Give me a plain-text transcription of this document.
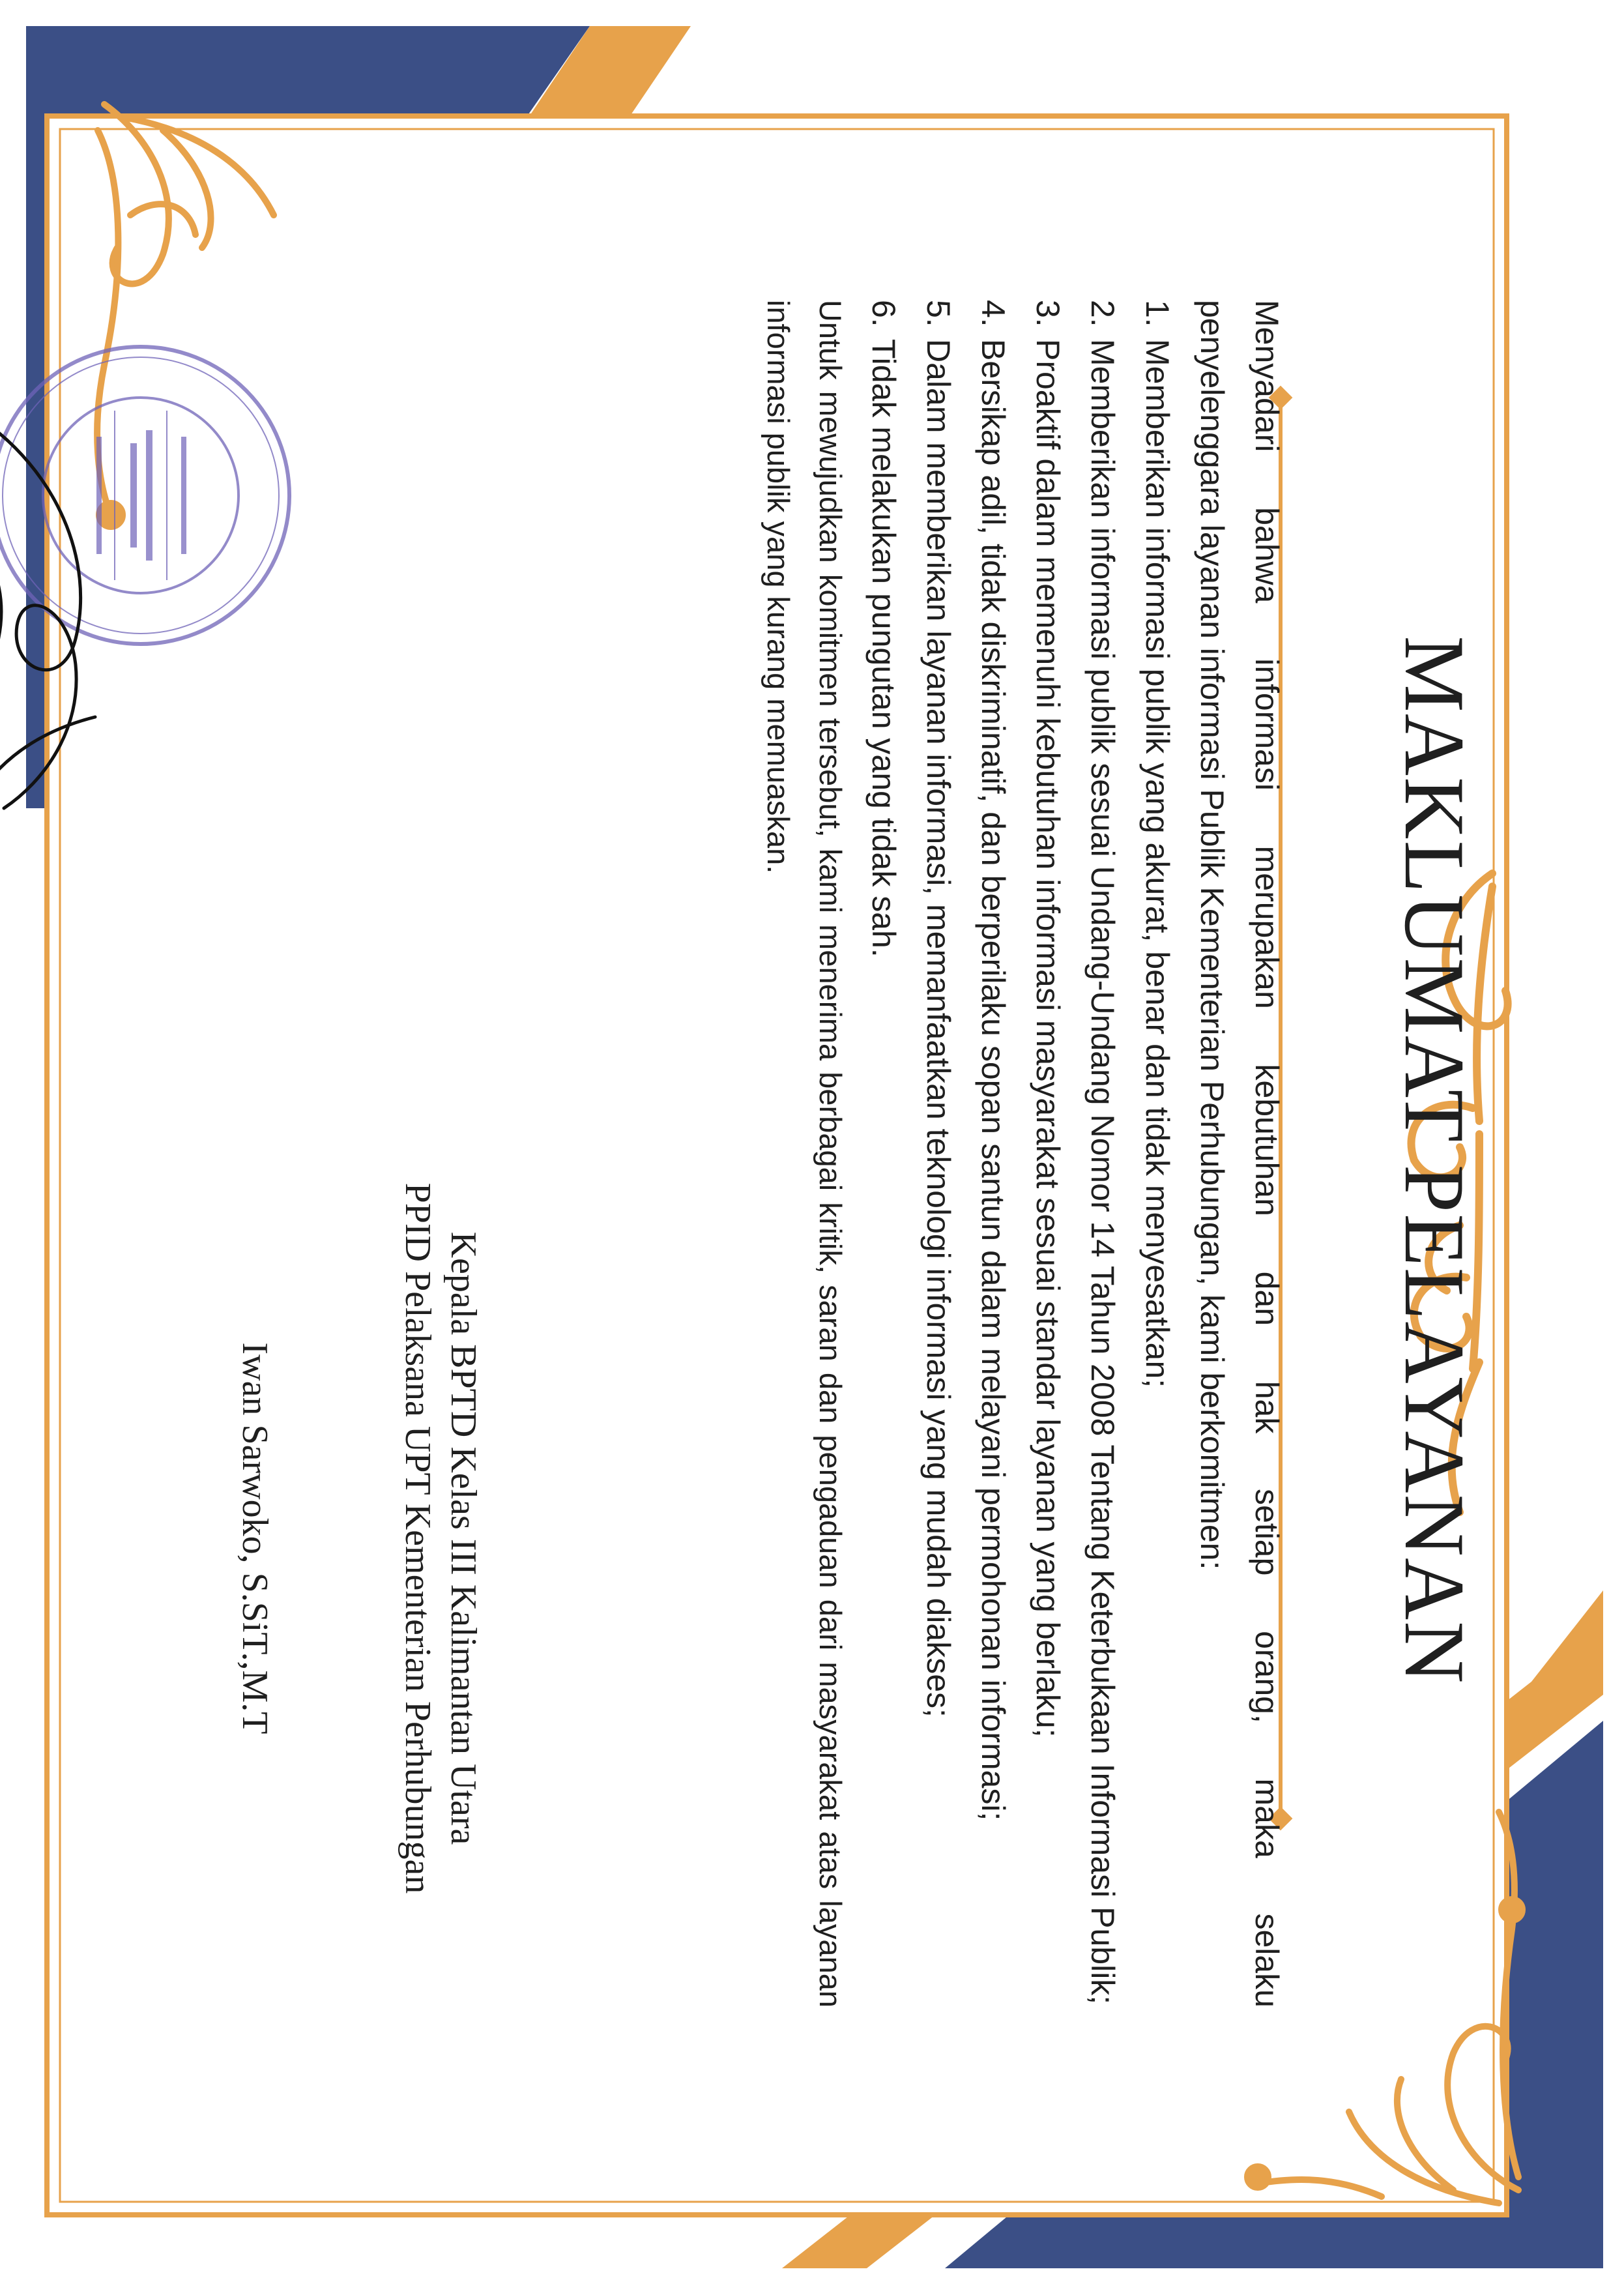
MAKLUMAT PELAYANAN

Menyadari bahwa informasi merupakan kebutuhan dan hak setiap orang, maka selaku

penyelenggara layanan informasi Publik Kementerian Perhubungan, kami berkomitmen:

1.
Memberikan informasi publik yang akurat, benar dan tidak menyesatkan;
2.
Memberikan informasi publik sesuai Undang-Undang Nomor 14 Tahun 2008 Tentang Keterbukaan Informasi Publik;
3.
Proaktif dalam memenuhi kebutuhan informasi masyarakat sesuai standar layanan yang berlaku;
4.
Bersikap adil, tidak diskriminatif, dan berperilaku sopan santun dalam melayani permohonan informasi;
5.
Dalam memberikan layanan informasi, memanfaatkan teknologi informasi yang mudah diakses;
6.
Tidak melakukan pungutan yang tidak sah.

Untuk mewujudkan komitmen tersebut, kami menerima berbagai kritik, saran dan pengaduan dari masyarakat atas layanan informasi publik yang kurang memuaskan.

Kepala BPTD Kelas III Kalimantan Utara
PPID Pelaksana UPT Kementerian Perhubungan
Iwan Sarwoko, S.SiT.,M.T
